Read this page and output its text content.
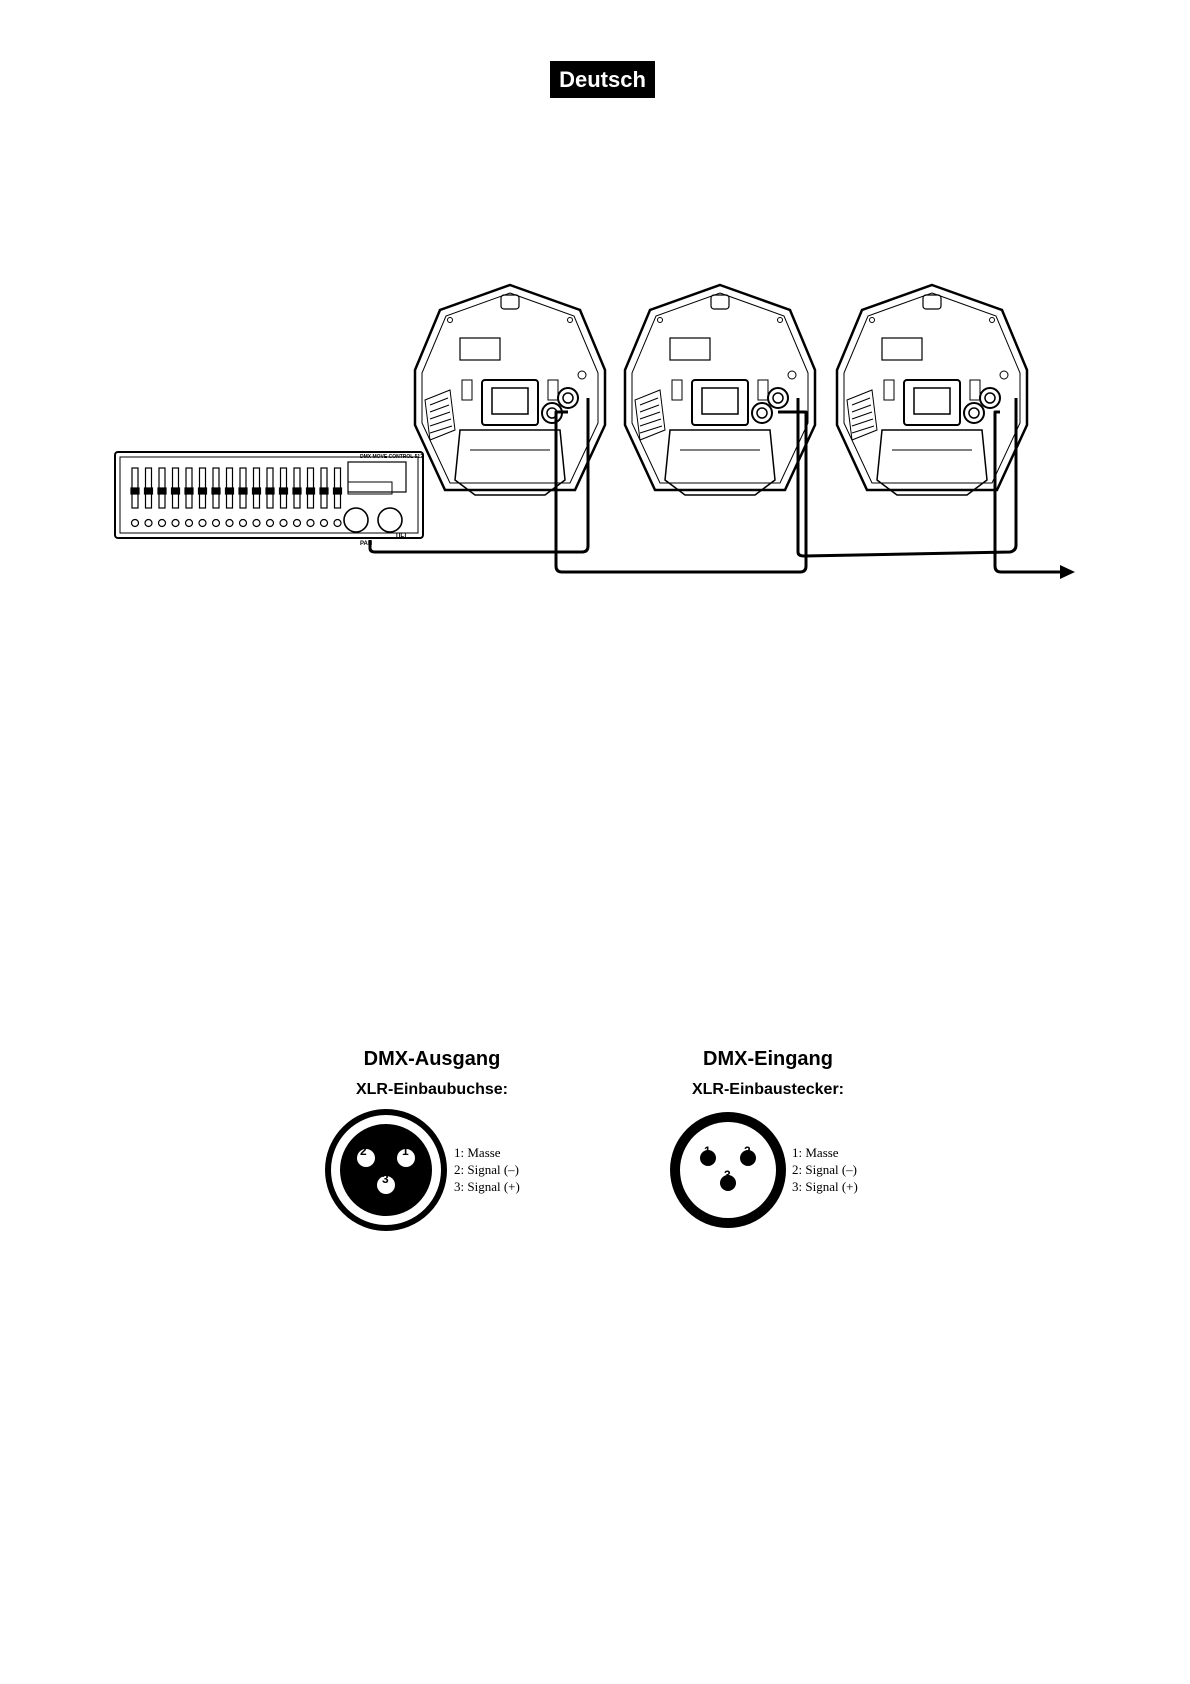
Deutsch
PAN
TILT
DMX MOVE CONTROL 512
2	1
3
1	2
3
DMX-Ausgang
XLR-Einbaubuchse:
1: Masse
2: Signal (–)
3: Signal (+)
DMX-Eingang
XLR-Einbaustecker:
1: Masse
2: Signal (–)
3: Signal (+)
